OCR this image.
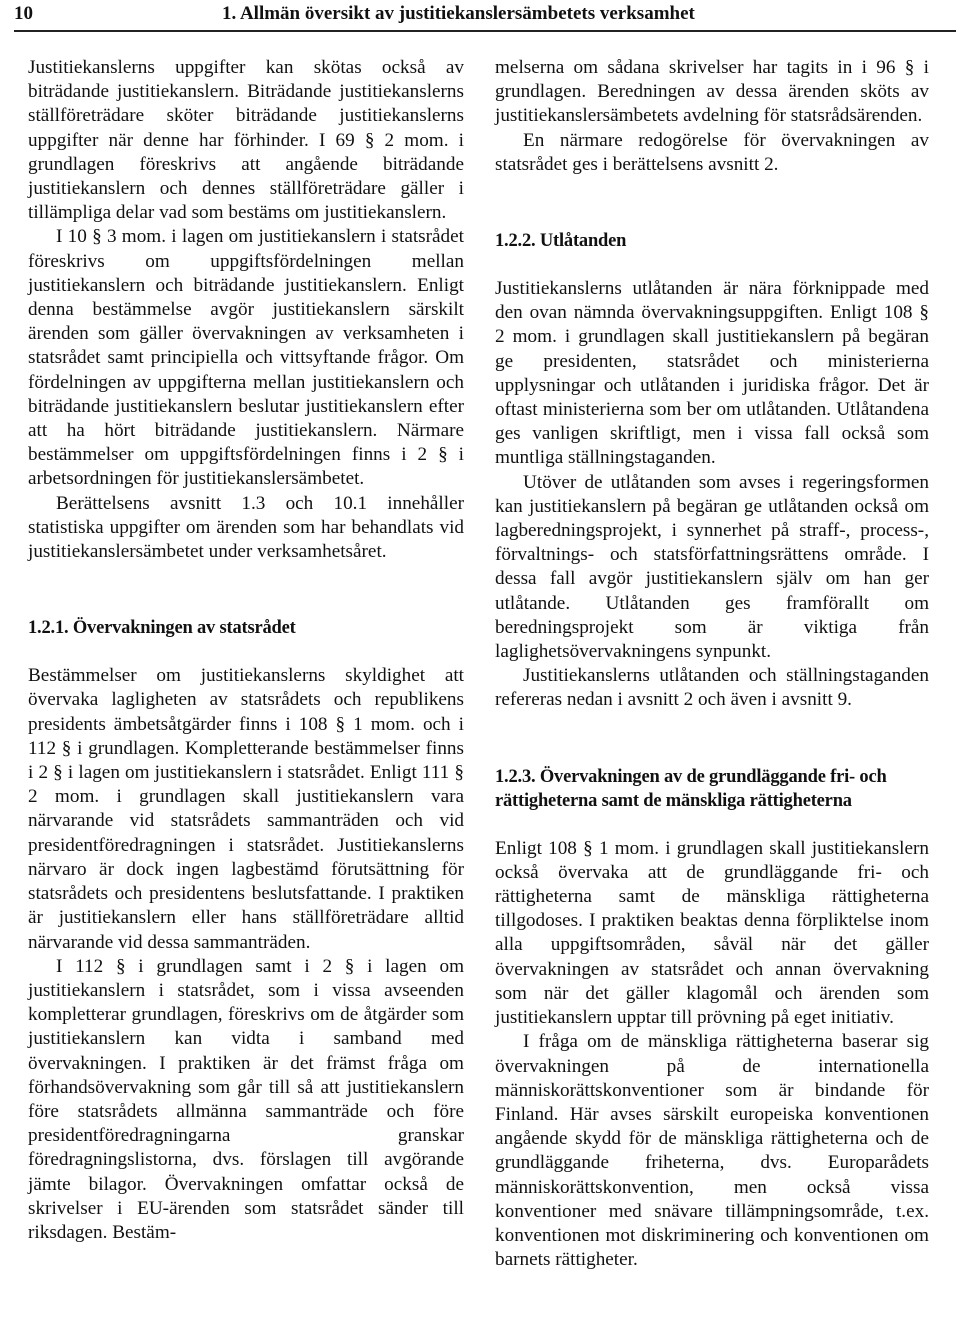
10	1. Allmän översikt av justitiekanslersämbetets verksamhet

Justitiekanslerns uppgifter kan skötas också av biträdande justitiekanslern. Biträdande justitiekanslerns ställföreträdare sköter biträdande justitiekanslerns uppgifter när denne har förhinder. I 69 § 2 mom. i grundlagen föreskrivs att angående biträdande justitiekanslern och dennes ställföreträdare gäller i tillämpliga delar vad som bestäms om justitiekanslern.

I 10 § 3 mom. i lagen om justitiekanslern i statsrådet föreskrivs om uppgiftsfördelningen mellan justitiekanslern och biträdande justitiekanslern. Enligt denna bestämmelse avgör justitiekanslern särskilt ärenden som gäller övervakningen av verksamheten i statsrådet samt principiella och vittsyftande frågor. Om fördelningen av uppgifterna mellan justitiekanslern och biträdande justitiekanslern beslutar justitiekanslern efter att ha hört biträdande justitiekanslern. Närmare bestämmelser om uppgiftsfördelningen finns i 2 § i arbetsordningen för justitiekanslersämbetet.

Berättelsens avsnitt 1.3 och 10.1 innehåller statistiska uppgifter om ärenden som har behandlats vid justitiekanslersämbetet under verksamhetsåret.

1.2.1. Övervakningen av statsrådet

Bestämmelser om justitiekanslerns skyldighet att övervaka lagligheten av statsrådets och republikens presidents ämbetsåtgärder finns i 108 § 1 mom. och i 112 § i grundlagen. Kompletterande bestämmelser finns i 2 § i lagen om justitiekanslern i statsrådet. Enligt 111 § 2 mom. i grundlagen skall justitiekanslern vara närvarande vid statsrådets sammanträden och vid presidentföredragningen i statsrådet. Justitiekanslerns närvaro är dock ingen lagbestämd förutsättning för statsrådets och presidentens beslutsfattande. I praktiken är justitiekanslern eller hans ställföreträdare alltid närvarande vid dessa sammanträden.

I 112 § i grundlagen samt i 2 § i lagen om justitiekanslern i statsrådet, som i vissa avseenden kompletterar grundlagen, föreskrivs om de åtgärder som justitiekanslern kan vidta i samband med övervakningen. I praktiken är det främst fråga om förhandsövervakning som går till så att justitiekanslern före statsrådets allmänna sammanträde och före presidentföredragningarna granskar föredragningslistorna, dvs. förslagen till avgörande jämte bilagor. Övervakningen omfattar också de skrivelser i EU-ärenden som statsrådet sänder till riksdagen. Bestäm-

melserna om sådana skrivelser har tagits in i 96 § i grundlagen. Beredningen av dessa ärenden sköts av justitiekanslersämbetets avdelning för statsrådsärenden.

En närmare redogörelse för övervakningen av statsrådet ges i berättelsens avsnitt 2.

1.2.2. Utlåtanden

Justitiekanslerns utlåtanden är nära förknippade med den ovan nämnda övervakningsuppgiften. Enligt 108 § 2 mom. i grundlagen skall justitiekanslern på begäran ge presidenten, statsrådet och ministerierna upplysningar och utlåtanden i juridiska frågor. Det är oftast ministerierna som ber om utlåtanden. Utlåtandena ges vanligen skriftligt, men i vissa fall också som muntliga ställningstaganden.

Utöver de utlåtanden som avses i regeringsformen kan justitiekanslern på begäran ge utlåtanden också om lagberedningsprojekt, i synnerhet på straff-, process-, förvaltnings- och statsförfattningsrättens område. I dessa fall avgör justitiekanslern själv om han ger utlåtande. Utlåtanden ges framförallt om beredningsprojekt som är viktiga från laglighetsövervakningens synpunkt.

Justitiekanslerns utlåtanden och ställningstaganden refereras nedan i avsnitt 2 och även i avsnitt 9.

1.2.3. Övervakningen av de grundläggande fri- och rättigheterna samt de mänskliga rättigheterna

Enligt 108 § 1 mom. i grundlagen skall justitiekanslern också övervaka att de grundläggande fri- och rättigheterna samt de mänskliga rättigheterna tillgodoses. I praktiken beaktas denna förpliktelse inom alla uppgiftsområden, såväl när det gäller övervakningen av statsrådet och annan övervakning som när det gäller klagomål och ärenden som justitiekanslern upptar till prövning på eget initiativ.

I fråga om de mänskliga rättigheterna baserar sig övervakningen på de internationella människorättskonventioner som är bindande för Finland. Här avses särskilt europeiska konventionen angående skydd för de mänskliga rättigheterna och de grundläggande friheterna, dvs. Europarådets människorättskonvention, men också vissa konventioner med snävare tillämpningsområde, t.ex. konventionen mot diskriminering och konventionen om barnets rättigheter.
